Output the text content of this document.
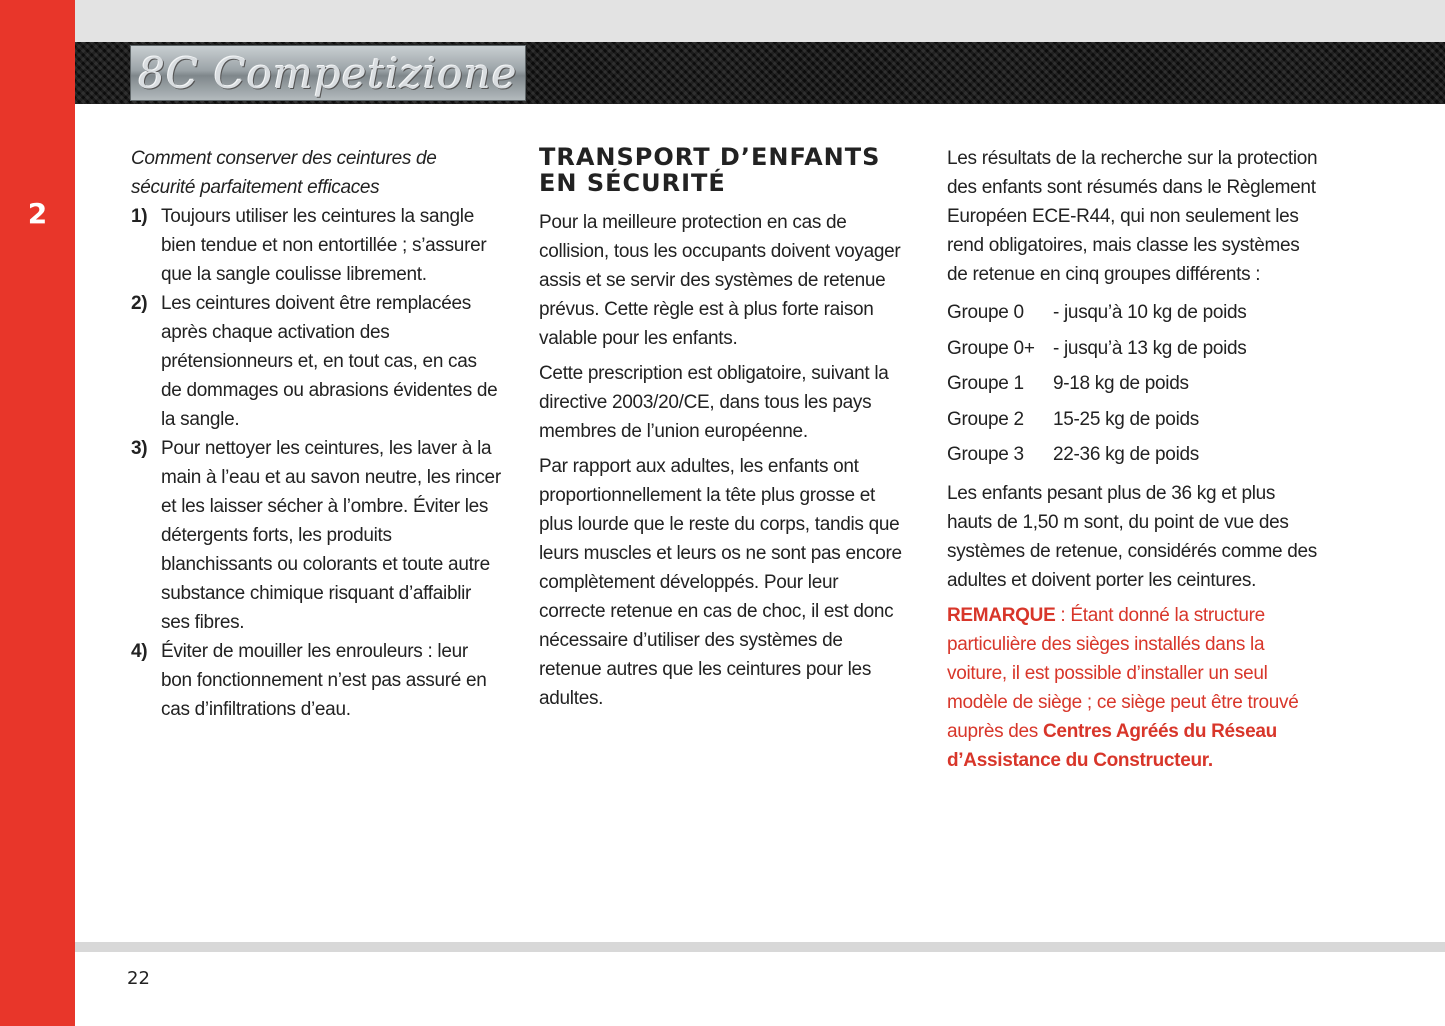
2
8C Competizione

Comment conserver des ceintures de sécurité parfaitement efficaces

1) Toujours utiliser les ceintures la sangle bien tendue et non entortillée ; s’assurer que la sangle coulisse librement.
2) Les ceintures doivent être remplacées après chaque activation des prétensionneurs et, en tout cas, en cas de dommages ou abrasions évidentes de la sangle.
3) Pour nettoyer les ceintures, les laver à la main à l’eau et au savon neutre, les rincer et les laisser sécher à l’ombre. Éviter les détergents forts, les produits blanchissants ou colorants et toute autre substance chimique risquant d’affaiblir ses fibres.
4) Éviter de mouiller les enrouleurs : leur bon fonctionnement n’est pas assuré en cas d’infiltrations d’eau.
TRANSPORT D’ENFANTS EN SÉCURITÉ

Pour la meilleure protection en cas de collision, tous les occupants doivent voyager assis et se servir des systèmes de retenue prévus. Cette règle est à plus forte raison valable pour les enfants.

Cette prescription est obligatoire, suivant la directive 2003/20/CE, dans tous les pays membres de l’union européenne.

Par rapport aux adultes, les enfants ont proportionnellement la tête plus grosse et plus lourde que le reste du corps, tandis que leurs muscles et leurs os ne sont pas encore complètement développés. Pour leur correcte retenue en cas de choc, il est donc nécessaire d’utiliser des systèmes de retenue autres que les ceintures pour les adultes.

Les résultats de la recherche sur la protection des enfants sont résumés dans le Règlement Européen ECE-R44, qui non seulement les rend obligatoires, mais classe les systèmes de retenue en cinq groupes différents :

Groupe 0	- jusqu’à 10 kg de poids
Groupe 0+ - jusqu’à 13 kg de poids
Groupe 1	9-18 kg de poids
Groupe 2	15-25 kg de poids
Groupe 3	22-36 kg de poids

Les enfants pesant plus de 36 kg et plus hauts de 1,50 m sont, du point de vue des systèmes de retenue, considérés comme des adultes et doivent porter les ceintures.

REMARQUE : Étant donné la structure particulière des sièges installés dans la voiture, il est possible d’installer un seul modèle de siège ; ce siège peut être trouvé auprès des Centres Agréés du Réseau d’Assistance du Constructeur.

22
